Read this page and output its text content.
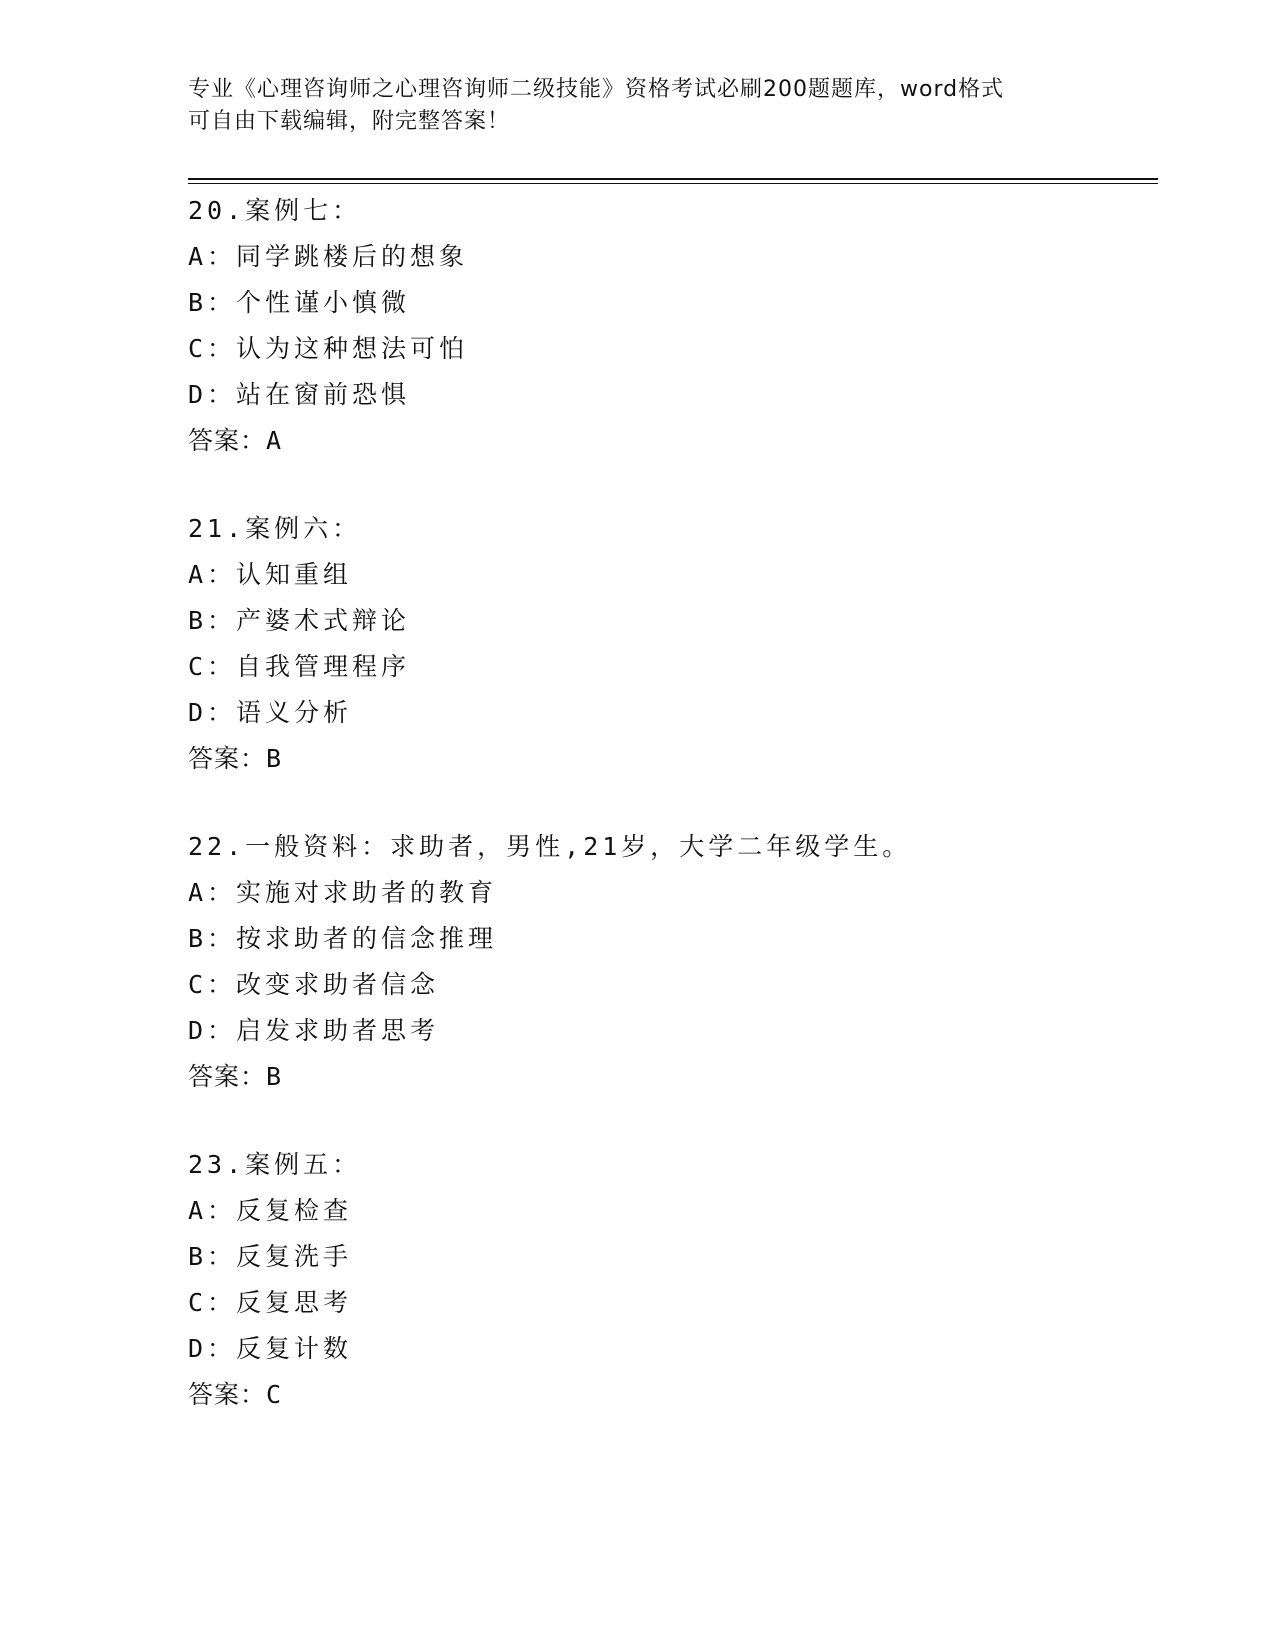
专业《心理咨询师之心理咨询师二级技能》资格考试必刷200题题库，word格式
可自由下载编辑，附完整答案！
20.案例七：
A：同学跳楼后的想象
B：个性谨小慎微
C：认为这种想法可怕
D：站在窗前恐惧
答案：A
21.案例六：
A：认知重组
B：产婆术式辩论
C：自我管理程序
D：语义分析
答案：B
22.一般资料：求助者，男性,21岁，大学二年级学生。
A：实施对求助者的教育
B：按求助者的信念推理
C：改变求助者信念
D：启发求助者思考
答案：B
23.案例五：
A：反复检查
B：反复洗手
C：反复思考
D：反复计数
答案：C
